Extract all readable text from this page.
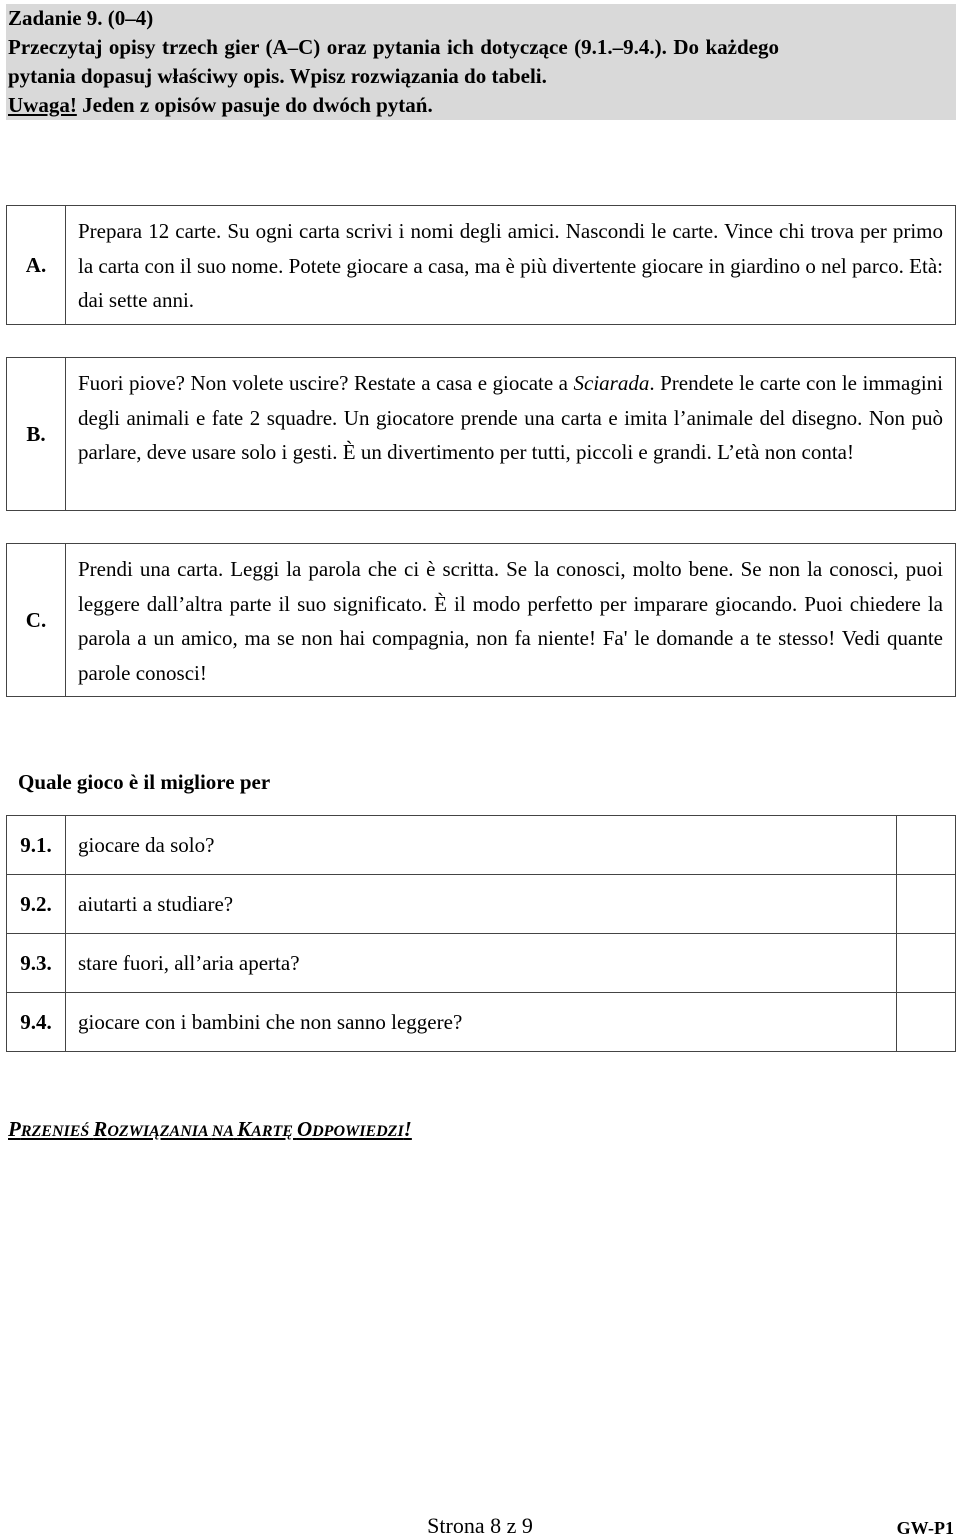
Zadanie 9. (0–4)
Przeczytaj opisy trzech gier (A–C) oraz pytania ich dotyczące (9.1.–9.4.). Do każdego
pytania dopasuj właściwy opis. Wpisz rozwiązania do tabeli.
Uwaga! Jeden z opisów pasuje do dwóch pytań.
A.
Prepara 12 carte. Su ogni carta scrivi i nomi degli amici. Nascondi le carte. Vince chi trova per primo la carta con il suo nome. Potete giocare a casa, ma è più divertente giocare in giardino o nel parco. Età: dai sette anni.
B.
Fuori piove? Non volete uscire? Restate a casa e giocate a Sciarada. Prendete le carte con le immagini degli animali e fate 2 squadre. Un giocatore prende una carta e imita l’animale del disegno. Non può parlare, deve usare solo i gesti. È un divertimento per tutti, piccoli e grandi. L’età non conta!
C.
Prendi una carta. Leggi la parola che ci è scritta. Se la conosci, molto bene. Se non la conosci, puoi leggere dall’altra parte il suo significato. È il modo perfetto per imparare giocando. Puoi chiedere la parola a un amico, ma se non hai compagnia, non fa niente! Fa' le domande a te stesso! Vedi quante parole conosci!
Quale gioco è il migliore per
9.1.	giocare da solo?	
9.2.	aiutarti a studiare?	
9.3.	stare fuori, all’aria aperta?	
9.4.	giocare con i bambini che non sanno leggere?	
PRZENIEŚ ROZWIĄZANIA NA KARTĘ ODPOWIEDZI!
Strona 8 z 9	GW-P1
